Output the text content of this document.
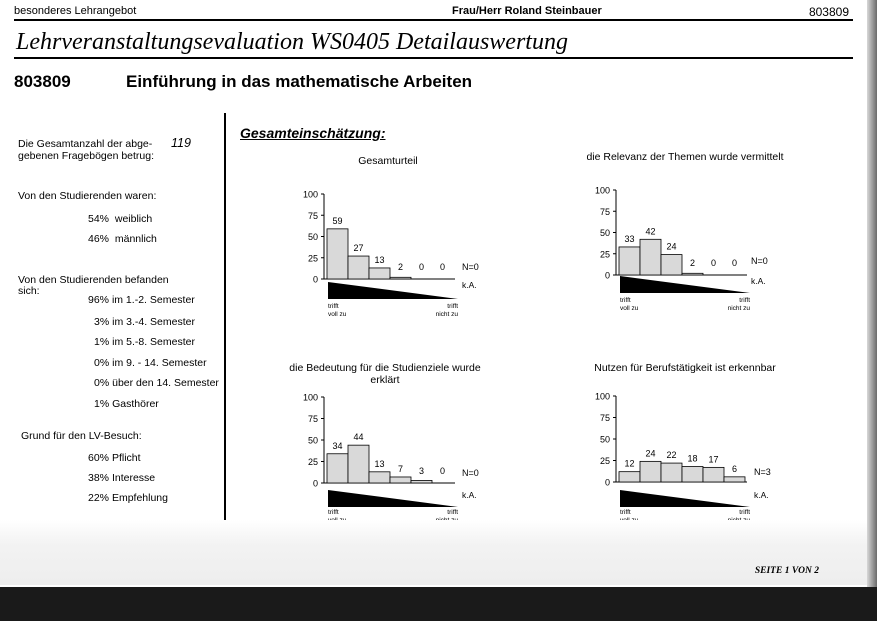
besonderes Lehrangebot	Frau/Herr Roland Steinbauer	803809
Lehrveranstaltungsevaluation WS0405 Detailauswertung
803809	Einführung in das mathematische Arbeiten
Die Gesamtanzahl der abge-
gebenen Fragebögen betrug:
119
Von den Studierenden waren:
54% weiblich
46% männlich
Von den Studierenden befanden
sich:
96% im 1.-2. Semester
3% im 3.-4. Semester
1% im 5.-8. Semester
0% im 9. - 14. Semester
0% über den 14. Semester
1% Gasthörer
Grund für den LV-Besuch:
60% Pflicht
38% Interesse
22% Empfehlung
Gesamteinschätzung:
Gesamturteil
100
75
50
25
0
59
27
13
2 0 0 N=0
k.A.
trifft
voll zu
trifft
nicht zu
die Relevanz der Themen wurde vermittelt
100
75
50
25
0
33
42
24
2 0 0 N=0
k.A.
trifft
voll zu
trifft
nicht zu
die Bedeutung für die Studienziele wurde
erklärt
100
75
50
25
0
34
44
13
7 3 0 N=0
k.A.
trifft	trifft
Nutzen für Berufstätigkeit ist erkennbar
100
75
50
25
0
12
24 22 18 17
6 N=3
k.A.
trifft	trifft
SEITE 1 VON 2
